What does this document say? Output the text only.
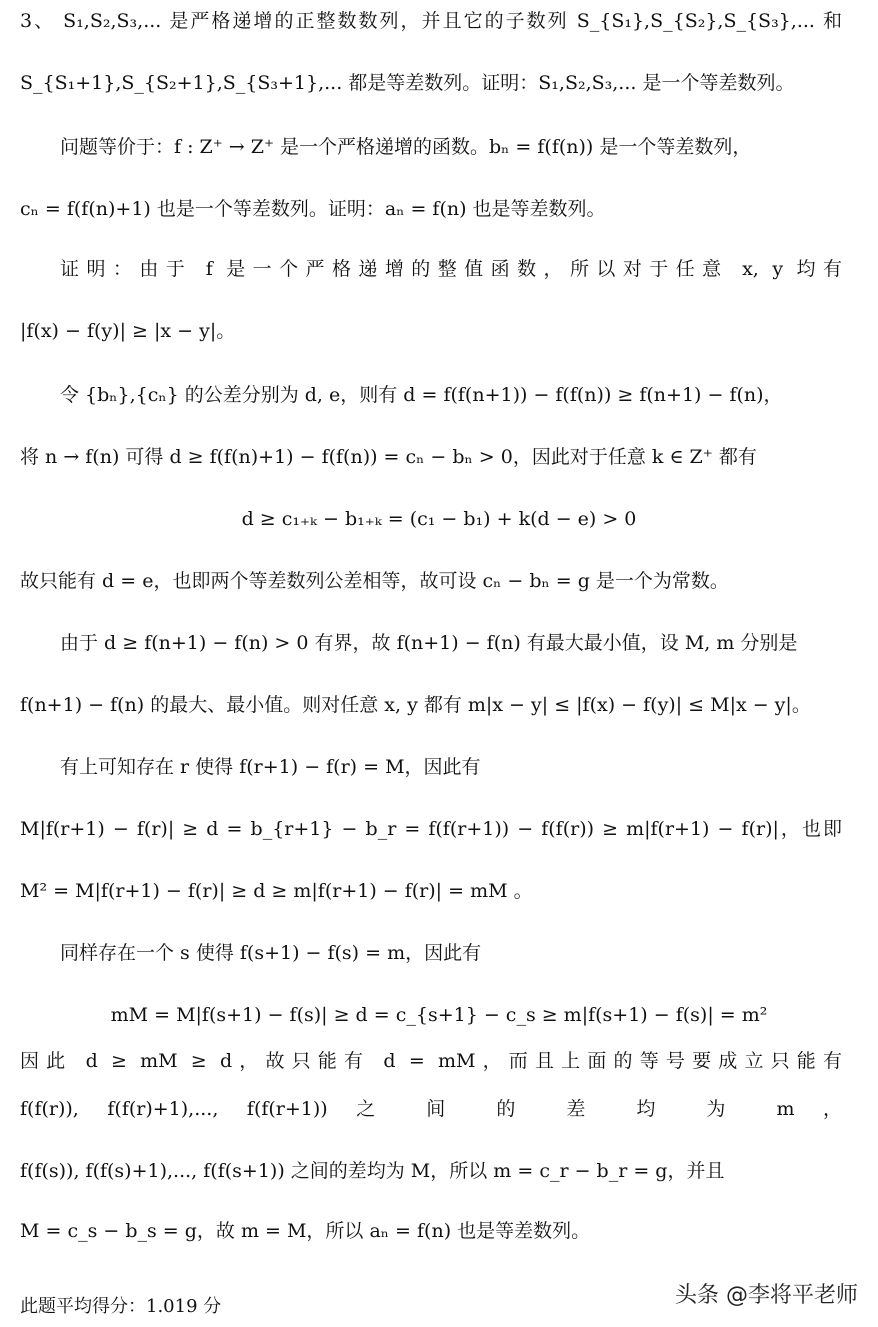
3、 S₁,S₂,S₃,... 是严格递增的正整数数列，并且它的子数列 S_{S₁},S_{S₂},S_{S₃},... 和
S_{S₁+1},S_{S₂+1},S_{S₃+1},... 都是等差数列。证明：S₁,S₂,S₃,... 是一个等差数列。
问题等价于：f : Z⁺ → Z⁺ 是一个严格递增的函数。bₙ = f(f(n)) 是一个等差数列，
cₙ = f(f(n)+1) 也是一个等差数列。证明：aₙ = f(n) 也是等差数列。
证明：由于 f 是一个严格递增的整值函数，所以对于任意 x, y 均有
|f(x) − f(y)| ≥ |x − y|。
令 {bₙ},{cₙ} 的公差分别为 d, e，则有 d = f(f(n+1)) − f(f(n)) ≥ f(n+1) − f(n)，
将 n → f(n) 可得 d ≥ f(f(n)+1) − f(f(n)) = cₙ − bₙ > 0，因此对于任意 k ∈ Z⁺ 都有
d ≥ c₁₊ₖ − b₁₊ₖ = (c₁ − b₁) + k(d − e) > 0
故只能有 d = e，也即两个等差数列公差相等，故可设 cₙ − bₙ = g 是一个为常数。
由于 d ≥ f(n+1) − f(n) > 0 有界，故 f(n+1) − f(n) 有最大最小值，设 M, m 分别是
f(n+1) − f(n) 的最大、最小值。则对任意 x, y 都有 m|x − y| ≤ |f(x) − f(y)| ≤ M|x − y|。
有上可知存在 r 使得 f(r+1) − f(r) = M，因此有
M|f(r+1) − f(r)| ≥ d = b_{r+1} − b_r = f(f(r+1)) − f(f(r)) ≥ m|f(r+1) − f(r)|，也即
M² = M|f(r+1) − f(r)| ≥ d ≥ m|f(r+1) − f(r)| = mM 。
同样存在一个 s 使得 f(s+1) − f(s) = m，因此有
mM = M|f(s+1) − f(s)| ≥ d = c_{s+1} − c_s ≥ m|f(s+1) − f(s)| = m²
因此 d ≥ mM ≥ d，故只能有 d = mM，而且上面的等号要成立只能有
f(f(r)), f(f(r)+1),..., f(f(r+1)) 之 间 的 差 均 为 m ，
f(f(s)), f(f(s)+1),..., f(f(s+1)) 之间的差均为 M，所以 m = c_r − b_r = g，并且
M = c_s − b_s = g，故 m = M，所以 aₙ = f(n) 也是等差数列。
此题平均得分：1.019 分	头条 @李将平老师
